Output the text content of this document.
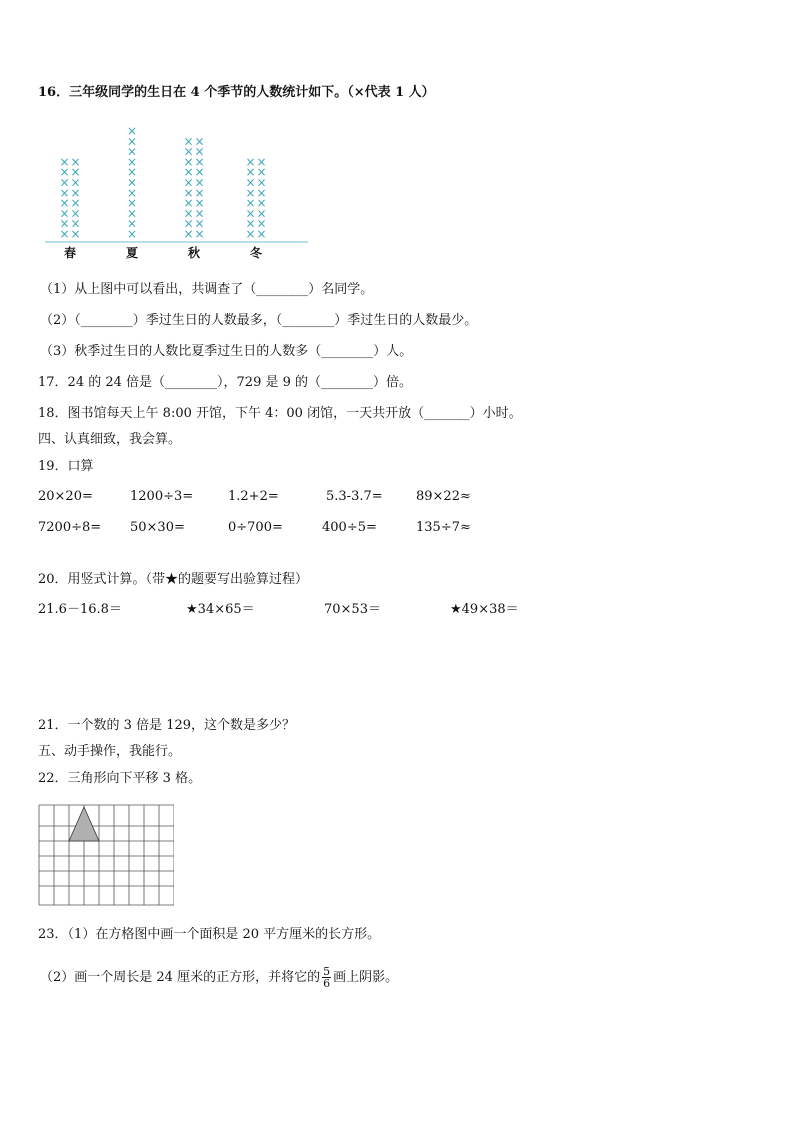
16．三年级同学的生日在 4 个季节的人数统计如下。（×代表 1 人）
×
×
×
×
×
×
×
×
×
×
×
×
×
×
×
×
春
×
×
×
×
×
×
×
×
×
×
×
夏
×
×
×
×
×
×
×
×
×
×
×
×
×
×
×
×
×
×
×
×
秋
×
×
×
×
×
×
×
×
×
×
×
×
×
×
×
×
冬
（1）从上图中可以看出，共调查了（________）名同学。
（2）（________）季过生日的人数最多，（________）季过生日的人数最少。
（3）秋季过生日的人数比夏季过生日的人数多（________）人。
17．24 的 24 倍是（________），729 是 9 的（________）倍。
18．图书馆每天上午 8:00 开馆，下午 4：00 闭馆，一天共开放（_______）小时。
四、认真细致，我会算。
19．口算
20×20=	1200÷3=	1.2+2=	5.3-3.7=	89×22≈
7200÷8= 50×30=	0÷700=	400÷5=	135÷7≈
20．用竖式计算。（带★的题要写出验算过程）
21.6－16.8＝	★34×65＝	70×53＝	★49×38＝
21．一个数的 3 倍是 129，这个数是多少？
五、动手操作，我能行。
22．三角形向下平移 3 格。
23．（1）在方格图中画一个面积是 20 平方厘米的长方形。
（2）画一个周长是 24 厘米的正方形，并将它的 $\frac{5}{6}$ 画上阴影。
